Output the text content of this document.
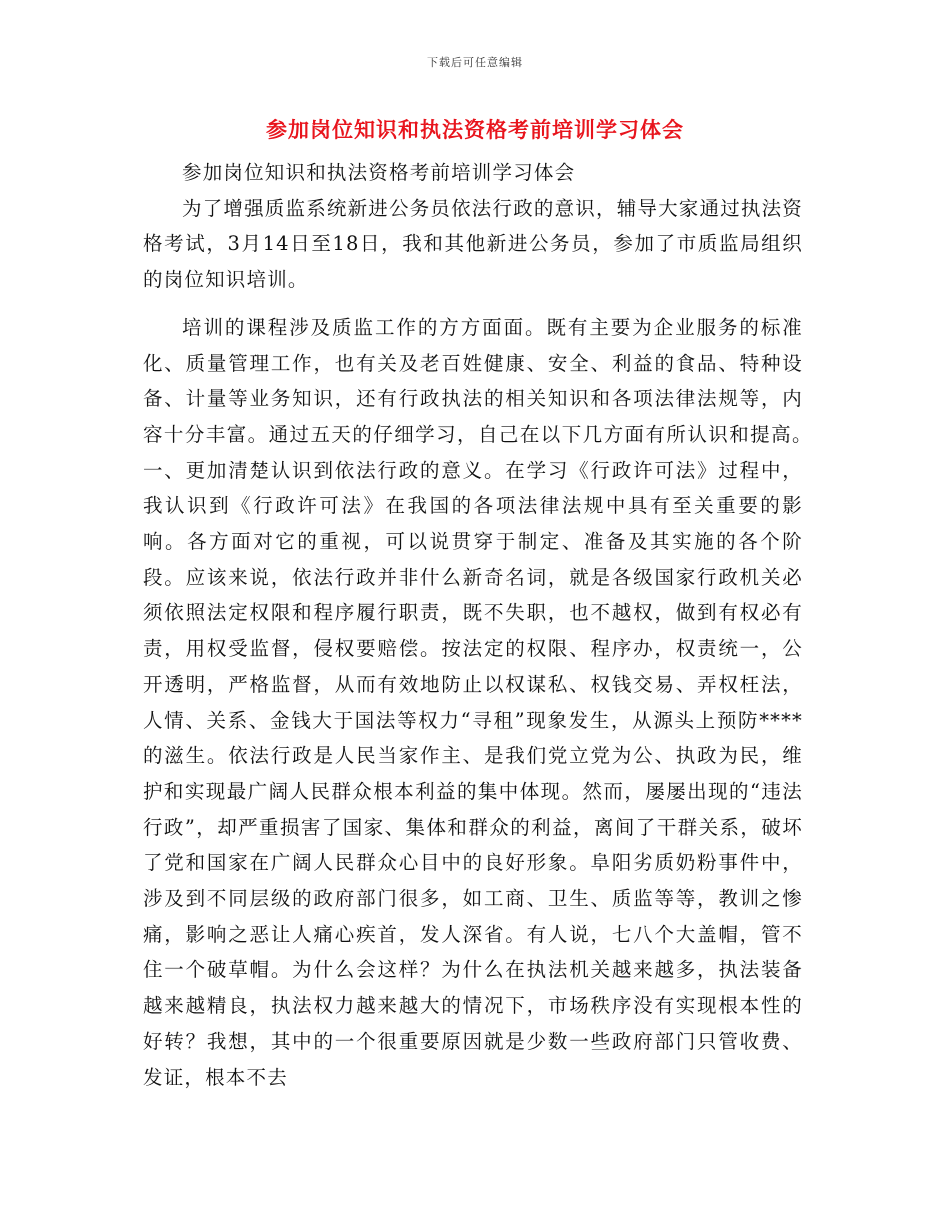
下载后可任意编辑
参加岗位知识和执法资格考前培训学习体会

参加岗位知识和执法资格考前培训学习体会

为了增强质监系统新进公务员依法行政的意识，辅导大家通过执法资格考试，3月14日至18日，我和其他新进公务员，参加了市质监局组织的岗位知识培训。

培训的课程涉及质监工作的方方面面。既有主要为企业服务的标准化、质量管理工作，也有关及老百姓健康、安全、利益的食品、特种设备、计量等业务知识，还有行政执法的相关知识和各项法律法规等，内容十分丰富。通过五天的仔细学习，自己在以下几方面有所认识和提高。　　一、更加清楚认识到依法行政的意义。在学习《行政许可法》过程中，我认识到《行政许可法》在我国的各项法律法规中具有至关重要的影响。各方面对它的重视，可以说贯穿于制定、准备及其实施的各个阶段。应该来说，依法行政并非什么新奇名词，就是各级国家行政机关必须依照法定权限和程序履行职责，既不失职，也不越权，做到有权必有责，用权受监督，侵权要赔偿。按法定的权限、程序办，权责统一，公开透明，严格监督，从而有效地防止以权谋私、权钱交易、弄权枉法，人情、关系、金钱大于国法等权力“寻租”现象发生，从源头上预防****的滋生。依法行政是人民当家作主、是我们党立党为公、执政为民，维护和实现最广阔人民群众根本利益的集中体现。然而，屡屡出现的“违法行政”，却严重损害了国家、集体和群众的利益，离间了干群关系，破坏了党和国家在广阔人民群众心目中的良好形象。阜阳劣质奶粉事件中，涉及到不同层级的政府部门很多，如工商、卫生、质监等等，教训之惨痛，影响之恶让人痛心疾首，发人深省。有人说，七八个大盖帽，管不住一个破草帽。为什么会这样？为什么在执法机关越来越多，执法装备越来越精良，执法权力越来越大的情况下，市场秩序没有实现根本性的好转？我想，其中的一个很重要原因就是少数一些政府部门只管收费、发证，根本不去
